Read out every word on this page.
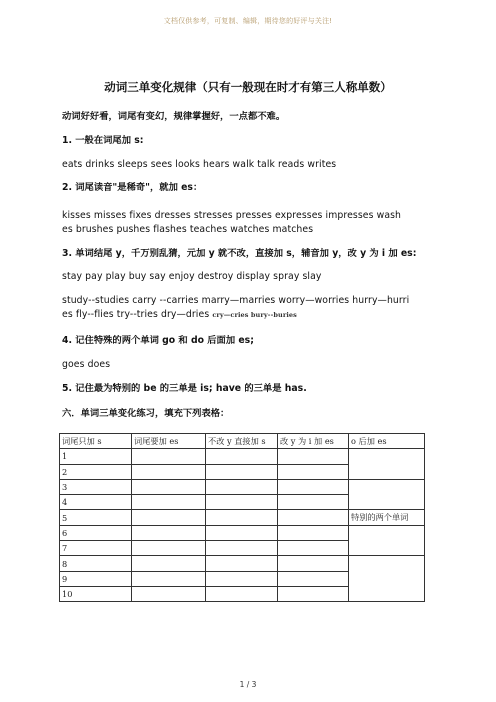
文档仅供参考，可复制、编辑，期待您的好评与关注!
动词三单变化规律（只有一般现在时才有第三人称单数）
动词好好看，词尾有变幻，规律掌握好，一点都不难。
1. 一般在词尾加 s:
eats drinks sleeps sees looks hears walk talk reads writes
2. 词尾读音"是稀奇"，就加 es：
kisses misses fixes dresses stresses presses expresses impresses wash
es brushes pushes flashes teaches watches matches
3. 单词结尾 y，千万别乱猜，元加 y 就不改，直接加 s，辅音加 y，改 y 为 i 加 es:
stay pay play buy say enjoy destroy display spray slay
study--studies carry --carries marry—marries worry—worries hurry—hurri
es fly--flies try--tries dry—dries cry—cries bury--buries
4. 记住特殊的两个单词 go 和 do 后面加 es;
goes does
5. 记住最为特别的 be 的三单是 is; have 的三单是 has.
六．单词三单变化练习，填充下列表格：
词尾只加 s	词尾要加 es	不改 y 直接加 s	改 y 为 i 加 es	o 后加 es
1				
2				
3				
4				
5				特别的两个单词
6				
7				
8				
9				
10				
1 / 3
